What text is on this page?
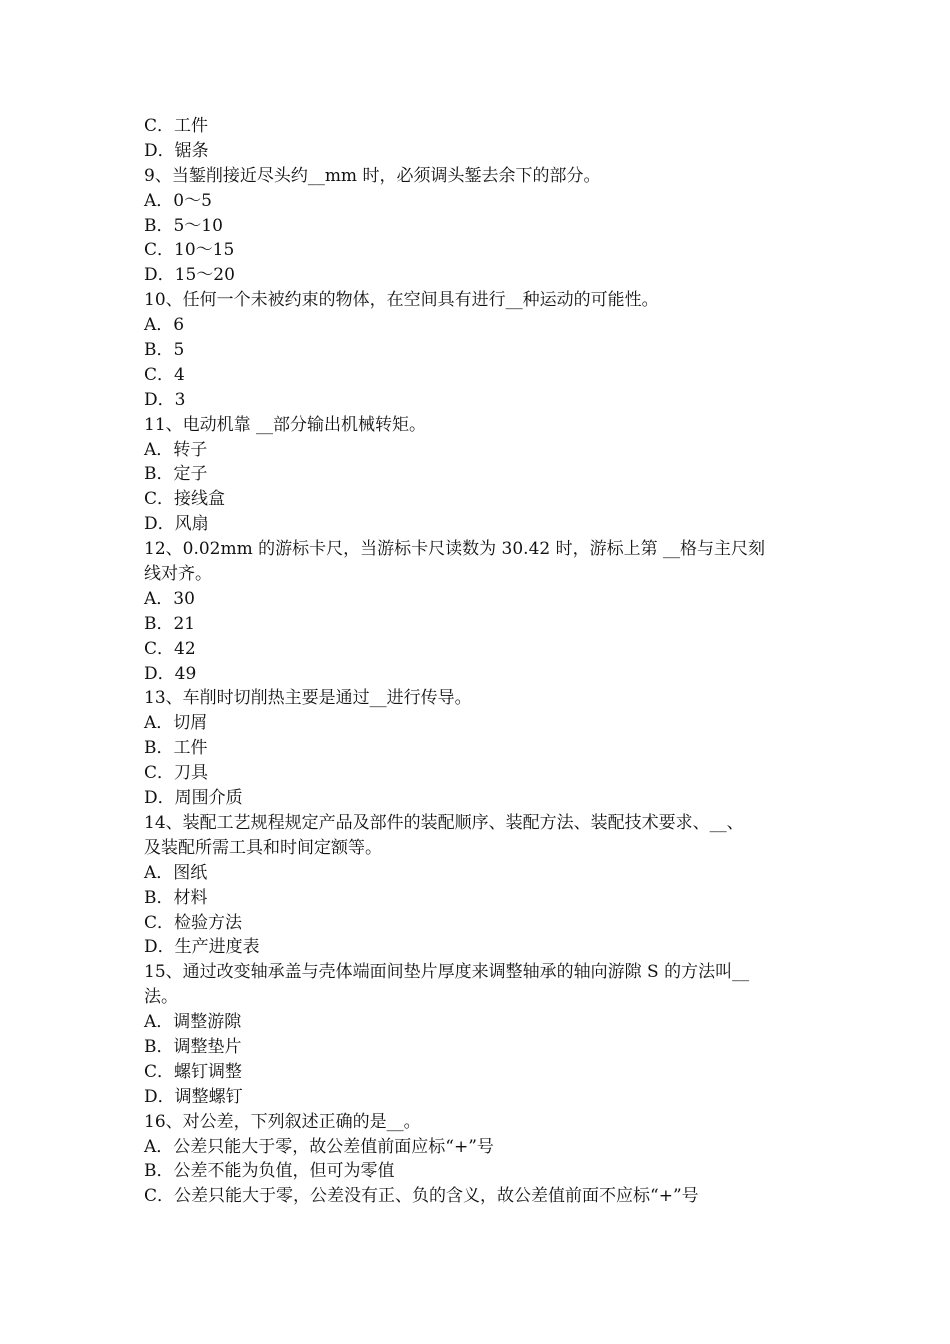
C．工件
D．锯条
9、当錾削接近尽头约__mm 时，必须调头錾去余下的部分。
A．0～5
B．5～10
C．10～15
D．15～20
10、任何一个未被约束的物体，在空间具有进行__种运动的可能性。
A．6
B．5
C．4
D．3
11、电动机靠 __部分输出机械转矩。
A．转子
B．定子
C．接线盒
D．风扇
12、0.02mm 的游标卡尺，当游标卡尺读数为 30.42 时，游标上第 __格与主尺刻
线对齐。
A．30
B．21
C．42
D．49
13、车削时切削热主要是通过__进行传导。
A．切屑
B．工件
C．刀具
D．周围介质
14、装配工艺规程规定产品及部件的装配顺序、装配方法、装配技术要求、__、
及装配所需工具和时间定额等。
A．图纸
B．材料
C．检验方法
D．生产进度表
15、通过改变轴承盖与壳体端面间垫片厚度来调整轴承的轴向游隙 S 的方法叫__
法。
A．调整游隙
B．调整垫片
C．螺钉调整
D．调整螺钉
16、对公差，下列叙述正确的是__。
A．公差只能大于零，故公差值前面应标“+”号
B．公差不能为负值，但可为零值
C．公差只能大于零，公差没有正、负的含义，故公差值前面不应标“+”号
